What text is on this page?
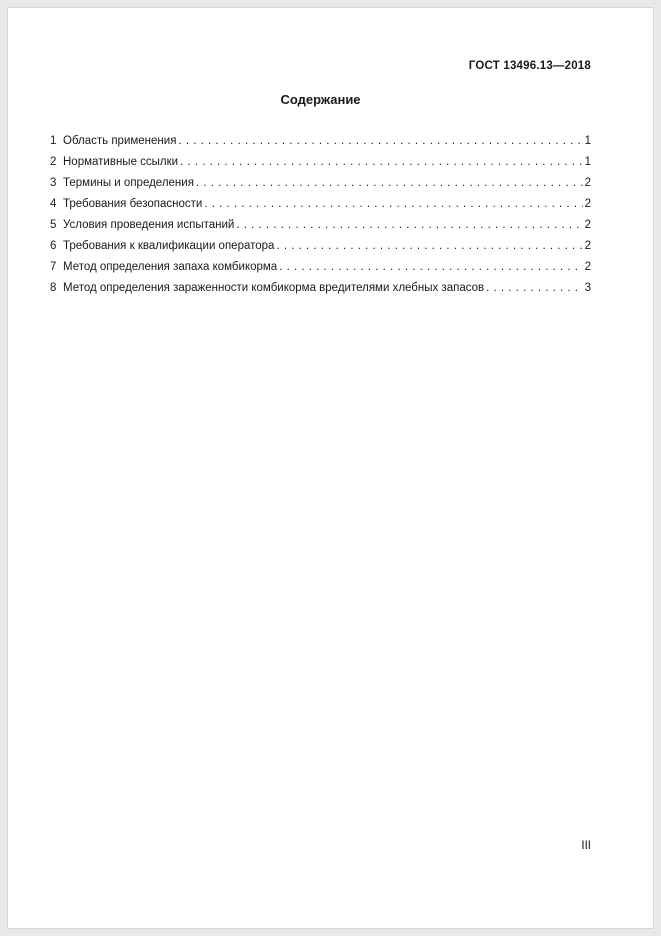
ГОСТ 13496.13—2018
Содержание
1 Область применения . . .	1
2 Нормативные ссылки . . .	1
3 Термины и определения . . .	2
4 Требования безопасности . . .	2
5 Условия проведения испытаний . . .	2
6 Требования к квалификации оператора . . .	2
7 Метод определения запаха комбикорма . . .	2
8 Метод определения зараженности комбикорма вредителями хлебных запасов . . .	3
III
